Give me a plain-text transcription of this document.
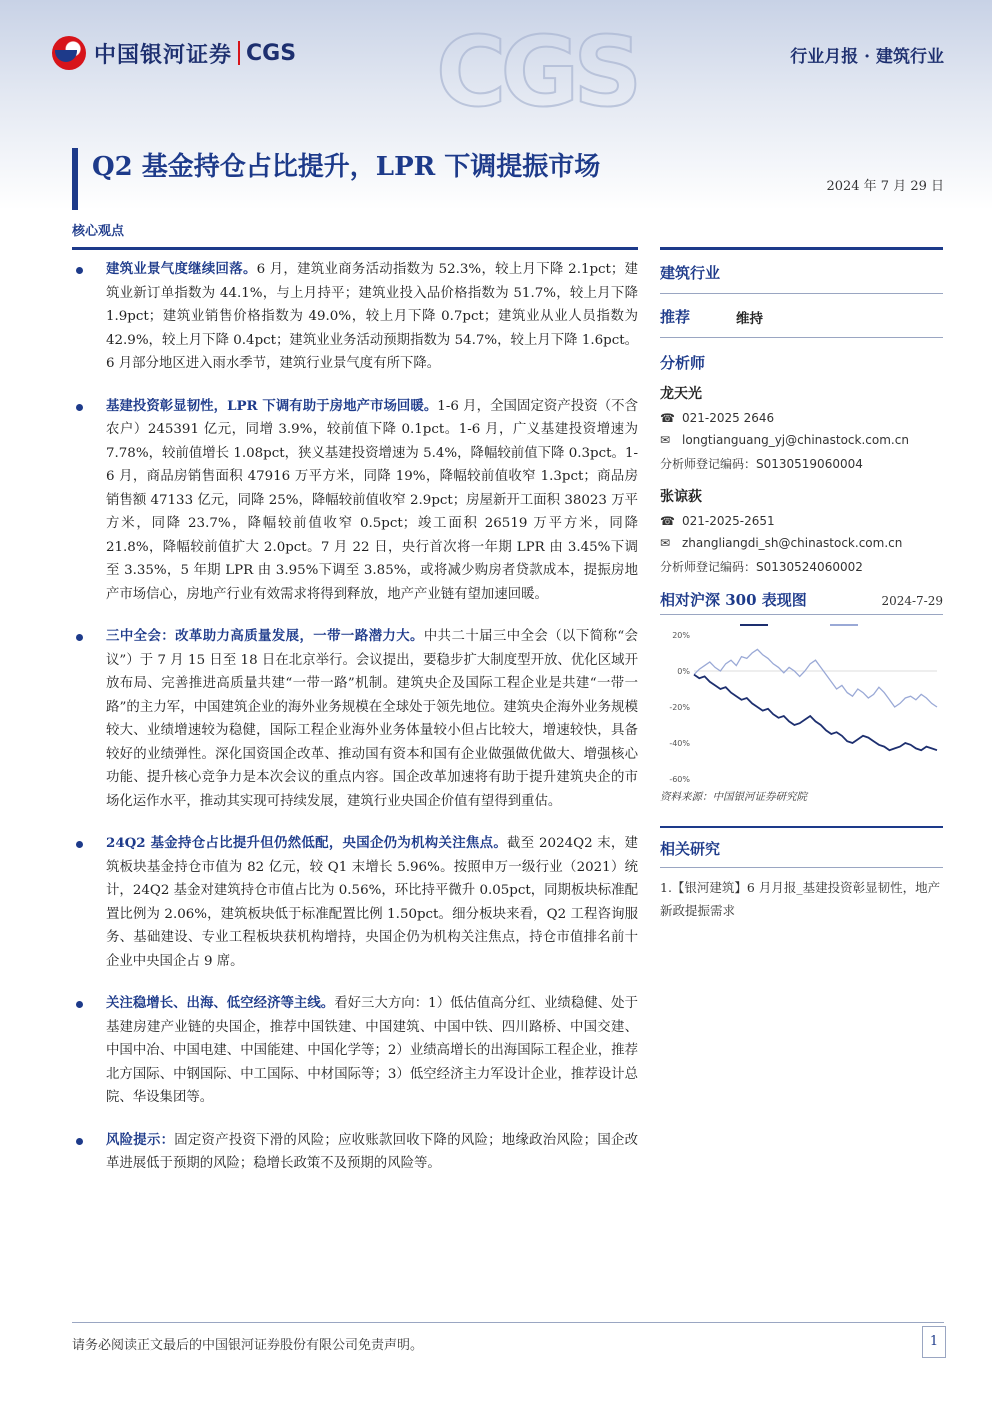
中国银河证券 CGS CGS	行业月报 · 建筑行业
Q2 基金持仓占比提升，LPR 下调提振市场
2024 年 7 月 29 日
核心观点
建筑业景气度继续回落。6 月，建筑业商务活动指数为 52.3%，较上月下降 2.1pct；建筑业新订单指数为 44.1%，与上月持平；建筑业投入品价格指数为 51.7%，较上月下降 1.9pct；建筑业销售价格指数为 49.0%，较上月下降 0.7pct；建筑业从业人员指数为 42.9%，较上月下降 0.4pct；建筑业业务活动预期指数为 54.7%，较上月下降 1.6pct。6 月部分地区进入雨水季节，建筑行业景气度有所下降。
基建投资彰显韧性，LPR 下调有助于房地产市场回暖。1-6 月，全国固定资产投资（不含农户）245391 亿元，同增 3.9%，较前值下降 0.1pct。1-6 月，广义基建投资增速为 7.78%，较前值增长 1.08pct，狭义基建投资增速为 5.4%，降幅较前值下降 0.3pct。1-6 月，商品房销售面积 47916 万平方米，同降 19%，降幅较前值收窄 1.3pct；商品房销售额 47133 亿元，同降 25%，降幅较前值收窄 2.9pct；房屋新开工面积 38023 万平方米，同降 23.7%，降幅较前值收窄 0.5pct；竣工面积 26519 万平方米，同降 21.8%，降幅较前值扩大 2.0pct。7 月 22 日，央行首次将一年期 LPR 由 3.45%下调至 3.35%，5 年期 LPR 由 3.95%下调至 3.85%，或将减少购房者贷款成本，提振房地产市场信心，房地产行业有效需求将得到释放，地产产业链有望加速回暖。
三中全会：改革助力高质量发展，一带一路潜力大。中共二十届三中全会（以下简称“会议”）于 7 月 15 日至 18 日在北京举行。会议提出，要稳步扩大制度型开放、优化区域开放布局、完善推进高质量共建“一带一路”机制。建筑央企及国际工程企业是共建“一带一路”的主力军，中国建筑企业的海外业务规模在全球处于领先地位。建筑央企海外业务规模较大、业绩增速较为稳健，国际工程企业海外业务体量较小但占比较大，增速较快，具备较好的业绩弹性。深化国资国企改革、推动国有资本和国有企业做强做优做大、增强核心功能、提升核心竞争力是本次会议的重点内容。国企改革加速将有助于提升建筑央企的市场化运作水平，推动其实现可持续发展，建筑行业央国企价值有望得到重估。
24Q2 基金持仓占比提升但仍然低配，央国企仍为机构关注焦点。截至 2024Q2 末，建筑板块基金持仓市值为 82 亿元，较 Q1 末增长 5.96%。按照申万一级行业（2021）统计，24Q2 基金对建筑持仓市值占比为 0.56%，环比持平微升 0.05pct，同期板块标准配置比例为 2.06%，建筑板块低于标准配置比例 1.50pct。细分板块来看，Q2 工程咨询服务、基础建设、专业工程板块获机构增持，央国企仍为机构关注焦点，持仓市值排名前十企业中央国企占 9 席。
关注稳增长、出海、低空经济等主线。看好三大方向：1）低估值高分红、业绩稳健、处于基建房建产业链的央国企，推荐中国铁建、中国建筑、中国中铁、四川路桥、中国交建、中国中冶、中国电建、中国能建、中国化学等；2）业绩高增长的出海国际工程企业，推荐北方国际、中钢国际、中工国际、中材国际等；3）低空经济主力军设计企业，推荐设计总院、华设集团等。
风险提示：固定资产投资下滑的风险；应收账款回收下降的风险；地缘政治风险；国企改革进展低于预期的风险；稳增长政策不及预期的风险等。
建筑行业
推荐	维持
分析师
龙天光
☎ 021-2025 2646
✉ longtianguang_yj@chinastock.com.cn
分析师登记编码：S0130519060004
张谅荻
☎ 021-2025-2651
✉ zhangliangdi_sh@chinastock.com.cn
分析师登记编码：S0130524060002
相对沪深 300 表现图	2024-7-29
20%
0%
-20%
-40%
-60%
资料来源：中国银河证券研究院
相关研究
1.【银河建筑】6 月月报_基建投资彰显韧性，地产新政提振需求
请务必阅读正文最后的中国银河证券股份有限公司免责声明。	1
